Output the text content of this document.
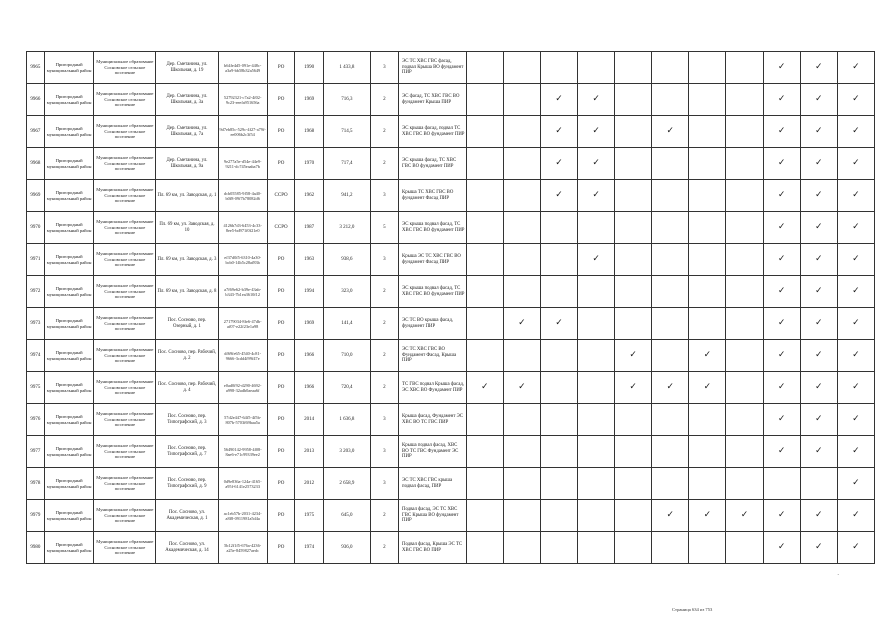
9965	Пригородный муниципальный район	Муниципальное образование Сосновское сельское поселение	Дер. Сметанина, ул. Школьная, д. 19	b64fe4d5-091e-448c-a3a9-bb58b32a5649	РО	1990	1 433,8	3	ЭС ТС ХВС ГВС фасад, подвал Крыша ВО фундамент ПИР									✓	✓	✓
9966	Пригородный муниципальный район	Муниципальное образование Сосновское сельское поселение	Дер. Сметанина, ул. Школьная, д. 3а	52792321-c7a2-4f02-9c23-eeefa951656a	РО	1969	716,3	2	ЭС фасад, ТС ХВС ГВС ВО фундамент Крыша ПИР			✓	✓					✓	✓	✓
9967	Пригородный муниципальный район	Муниципальное образование Сосновское сельское поселение	Дер. Сметанина, ул. Школьная, д. 7а	9d7eb85c-529c-4f27-a79f-ee006b2c3f54	РО	1968	714,5	2	ЭС крыша фасад, подвал ТС ХВС ГВС ВО фундамент ПИР			✓	✓		✓			✓	✓	✓
9968	Пригородный муниципальный район	Муниципальное образование Сосновское сельское поселение	Дер. Сметанина, ул. Школьная, д. 9а	9e277a5e-d54e-44e9-9211-dc745eaaba7b	РО	1970	717,4	2	ЭС крыша фасад, ТС ХВС ГВС ВО фундамент ПИР			✓	✓					✓	✓	✓
9969	Пригородный муниципальный район	Муниципальное образование Сосновское сельское поселение	Пл. 69 км, ул. Заводская, д. 1	dcb05585-9f58-4a40-b0f8-09f7b78082d6	ССРО	1962	941,2	3	Крыша ТС ХВС ГВС ВО фундамент Фасад ПИР			✓	✓					✓	✓	✓
9970	Пригородный муниципальный район	Муниципальное образование Сосновское сельское поселение	Пл. 69 км, ул. Заводская, д. 10	4126b7d3-6453-4c33-8ee5-bd971f0f21e0	ССРО	1987	3 212,0	5	ЭС крыша подвал фасад, ТС ХВС ГВС ВО фундамент ПИР									✓	✓	✓
9971	Пригородный муниципальный район	Муниципальное образование Сосновское сельское поселение	Пл. 69 км, ул. Заводская, д. 3	ef37d0f5-6310-4a30-bcb0-14b5c28af83b	РО	1963	938,6	3	Крыша ЭС ТС ХВС ГВС ВО фундамент Фасад ПИР				✓					✓	✓	✓
9972	Пригородный муниципальный район	Муниципальное образование Сосновское сельское поселение	Пл. 69 км, ул. Заводская, д. 8	a7f69e62-b39e-43ab-b343-7b1ea3610f12	РО	1994	323,0	2	ЭС крыша подвал фасад, ТС ХВС ГВС ВО фундамент ПИР									✓	✓	✓
9973	Пригородный муниципальный район	Муниципальное образование Сосновское сельское поселение	Пос. Сосново, пер. Озерный, д. 1	27179034-8fe6-47db-af07-e22f23e1a98	РО	1969	141,4	2	ЭС ТС ВО крыша фасад, фундамент ПИР		✓	✓						✓	✓	✓
9974	Пригородный муниципальный район	Муниципальное образование Сосновское сельское поселение	Пос. Сосново, пер. Рабочий, д. 2	df69fe65-4540-4c81-9666-3cdd4f99f47e	РО	1966	710,0	2	ЭС ТС ХВС ГВС ВО Фундамент Фасад, Крыша ПИР					✓		✓		✓	✓	✓
9975	Пригородный муниципальный район	Муниципальное образование Сосновское сельское поселение	Пос. Сосново, пер. Рабочий, д. 4	e0ad0f92-d290-4692-a998-32adb0aeaa6f	РО	1966	720,4	2	ТС ГВС подвал Крыша фасад, ЭС ХВС ВО Фундамент ПИР	✓	✓			✓	✓	✓		✓	✓	✓
9976	Пригородный муниципальный район	Муниципальное образование Сосновское сельское поселение	Пос. Сосново, пер. Типографский, д. 3	57d2e447-64f5-4f5b-807b-5703f69baa5a	РО	2014	1 636,8	3	Крыша фасад, Фундамент ЭС ХВС ВО ТС ГВС ПИР									✓	✓	✓
9977	Пригородный муниципальный район	Муниципальное образование Сосновское сельское поселение	Пос. Сосново, пер. Типографский, д. 7	56490142-9958-4f08-8ae6-e71c99339ee2	РО	2013	3 203,0	3	Крыша подвал фасад, ХВС ВО ТС ГВС Фундамент ЭС ПИР									✓	✓	✓
9978	Пригородный муниципальный район	Муниципальное образование Сосновское сельское поселение	Пос. Сосново, пер. Типографский, д. 9	0d9e836a-124a-4165-a95f-6141e2573233	РО	2012	2 658,9	3	ЭС ТС ХВС ГВС крыша подвал фасад, ПИР											✓
9979	Пригородный муниципальный район	Муниципальное образование Сосновское сельское поселение	Пос. Сосново, ул. Академическая, д. 1	ac1eb57b-2031-4234-a8f8-0911981a5d4a	РО	1975	645,0	2	Подвал фасад, ЭС ТС ХВС ГВС Крыша ВО фундамент ПИР						✓	✓	✓	✓	✓	✓
9980	Пригородный муниципальный район	Муниципальное образование Сосновское сельское поселение	Пос. Сосново, ул. Академическая, д. 14	5b12f1f5-676a-4236-a25e-8459827aedc	РО	1974	936,0	2	Подвал фасад, Крыша ЭС ТС ХВС ГВС ВО ПИР									✓	✓	✓
Страница 634 из 753
·
